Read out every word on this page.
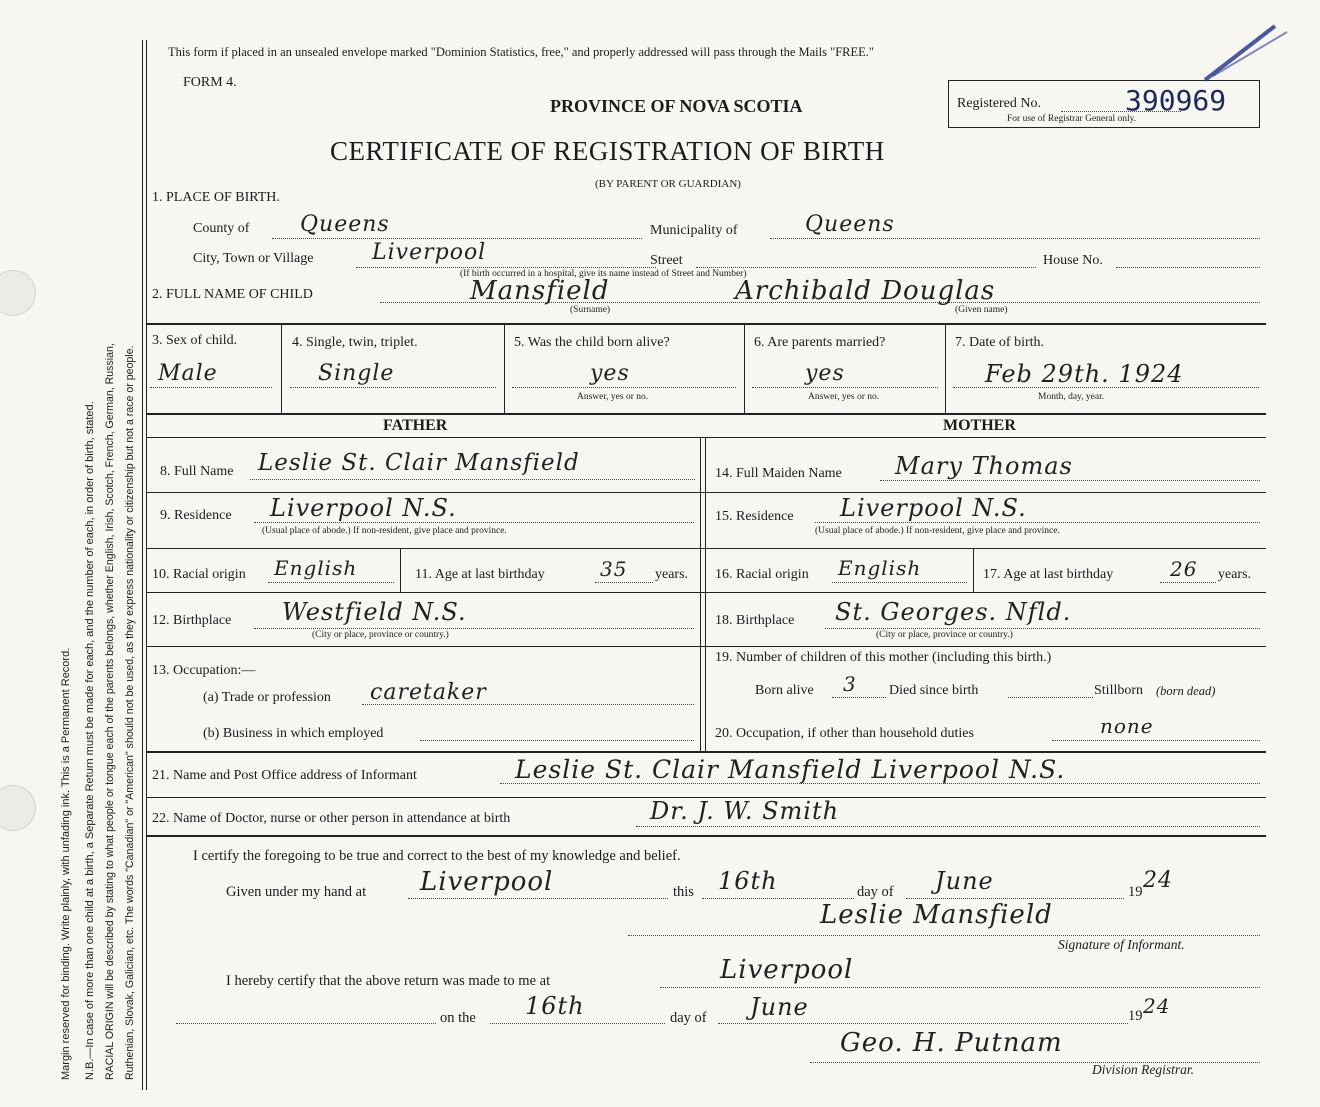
Margin reserved for binding. Write plainly, with unfading ink. This is a Permanent Record. N.B.—In case of more than one child at a birth, a Separate Return must be made for each, and the number of each, in order of birth, stated. RACIAL ORIGIN will be described by stating to what people or tongue each of the parents belongs, whether English, Irish, Scotch, French, German, Russian, Ruthenian, Slovak, Galician, etc. The words "Canadian" or "American" should not be used, as they express nationality or citizenship but not a race or people.
This form if placed in an unsealed envelope marked "Dominion Statistics, free," and properly addressed will pass through the Mails "FREE."
FORM 4.
PROVINCE OF NOVA SCOTIA
CERTIFICATE OF REGISTRATION OF BIRTH
(BY PARENT OR GUARDIAN)
Registered No.	390969
For use of Registrar General only.
1. PLACE OF BIRTH.
County of Queens	Municipality of	Queens
City, Town or Village	Liverpool	Street	House No.
(If birth occurred in a hospital, give its name instead of Street and Number)
2. FULL NAME OF CHILD	Mansfield	Archibald Douglas
(Surname)	(Given name)
3. Sex of child.
Male
4. Single, twin, triplet.
Single
5. Was the child born alive?
yes
Answer, yes or no.
6. Are parents married?
yes
Answer, yes or no.
7. Date of birth.
Feb 29th. 1924
Month, day, year.
FATHER	MOTHER
8. Full Name Leslie St. Clair Mansfield
9. Residence Liverpool N.S.
(Usual place of abode.) If non-resident, give place and province.
10. Racial origin English	11. Age at last birthday	35 years.
12. Birthplace Westfield N.S.
(City or place, province or country.)
13. Occupation:—
(a) Trade or profession caretaker
(b) Business in which employed
14. Full Maiden Name Mary Thomas
15. Residence Liverpool N.S.
(Usual place of abode.) If non-resident, give place and province.
16. Racial origin English	17. Age at last birthday	26 years.
18. Birthplace St. Georges. Nfld.
(City or place, province or country.)
19. Number of children of this mother (including this birth.)
Born alive 3 Died since birth	Stillborn (born dead)
20. Occupation, if other than household duties	none
21. Name and Post Office address of Informant	Leslie St. Clair Mansfield Liverpool N.S.
22. Name of Doctor, nurse or other person in attendance at birth	Dr. J. W. Smith
I certify the foregoing to be true and correct to the best of my knowledge and belief.
Given under my hand at Liverpool	this 16th	day of June	19 24
Leslie Mansfield
Signature of Informant.
I hereby certify that the above return was made to me at	Liverpool
on the 16th	day of June	19 24
Geo. H. Putnam
Division Registrar.
